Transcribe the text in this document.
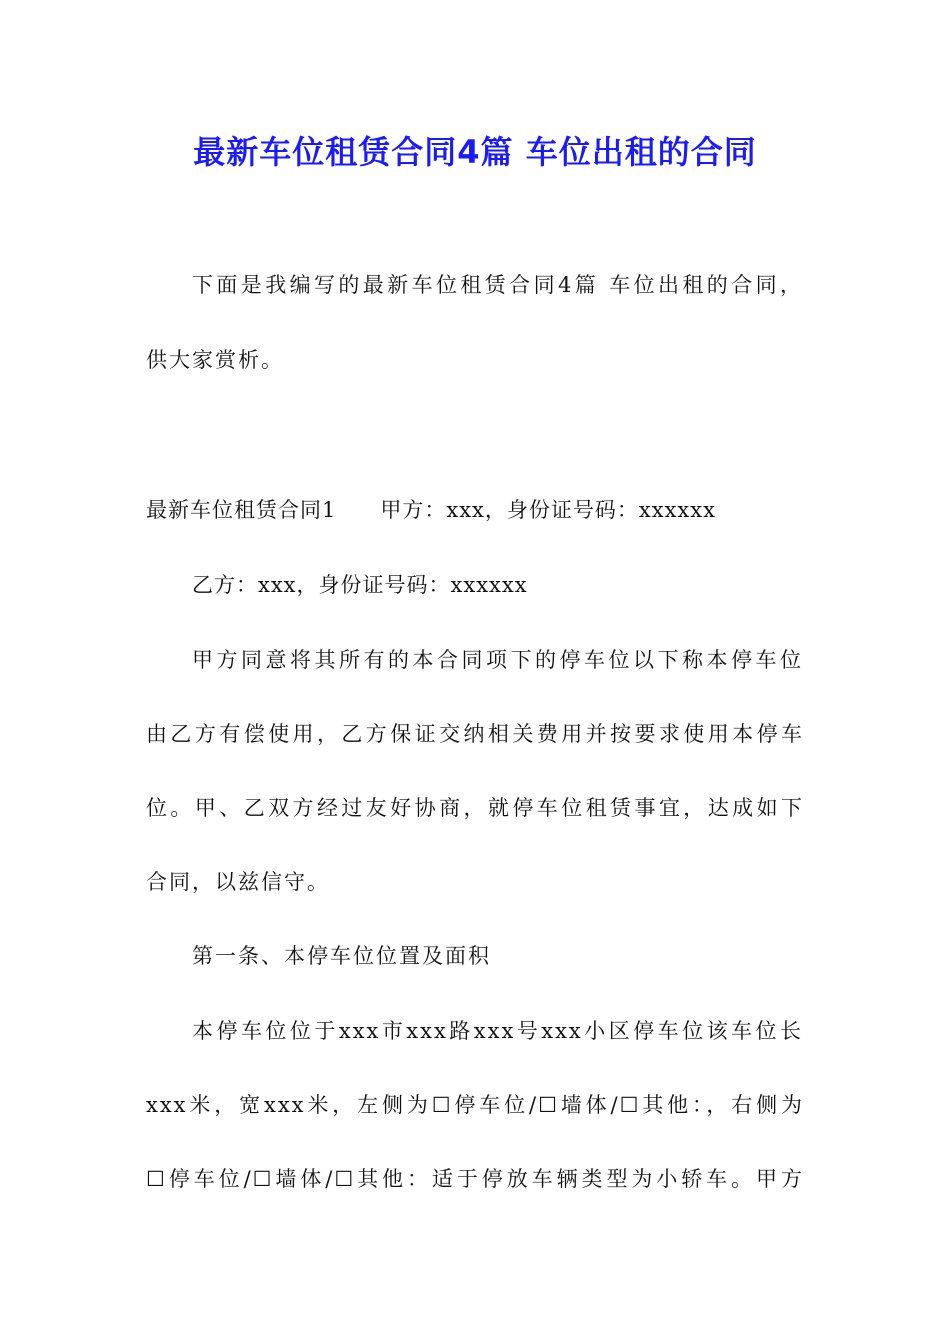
最新车位租赁合同4篇 车位出租的合同
下面是我编写的最新车位租赁合同4篇 车位出租的合同，
供大家赏析。
最新车位租赁合同1　　甲方：xxx，身份证号码：xxxxxx
乙方：xxx，身份证号码：xxxxxx
甲方同意将其所有的本合同项下的停车位以下称本停车位
由乙方有偿使用，乙方保证交纳相关费用并按要求使用本停车
位。甲、乙双方经过友好协商，就停车位租赁事宜，达成如下
合同，以兹信守。
第一条、本停车位位置及面积
本停车位位于xxx市xxx路xxx号xxx小区停车位该车位长
xxx米，宽xxx米，左侧为☐停车位/☐墙体/☐其他：，右侧为
☐停车位/☐墙体/☐其他：适于停放车辆类型为小轿车。甲方
